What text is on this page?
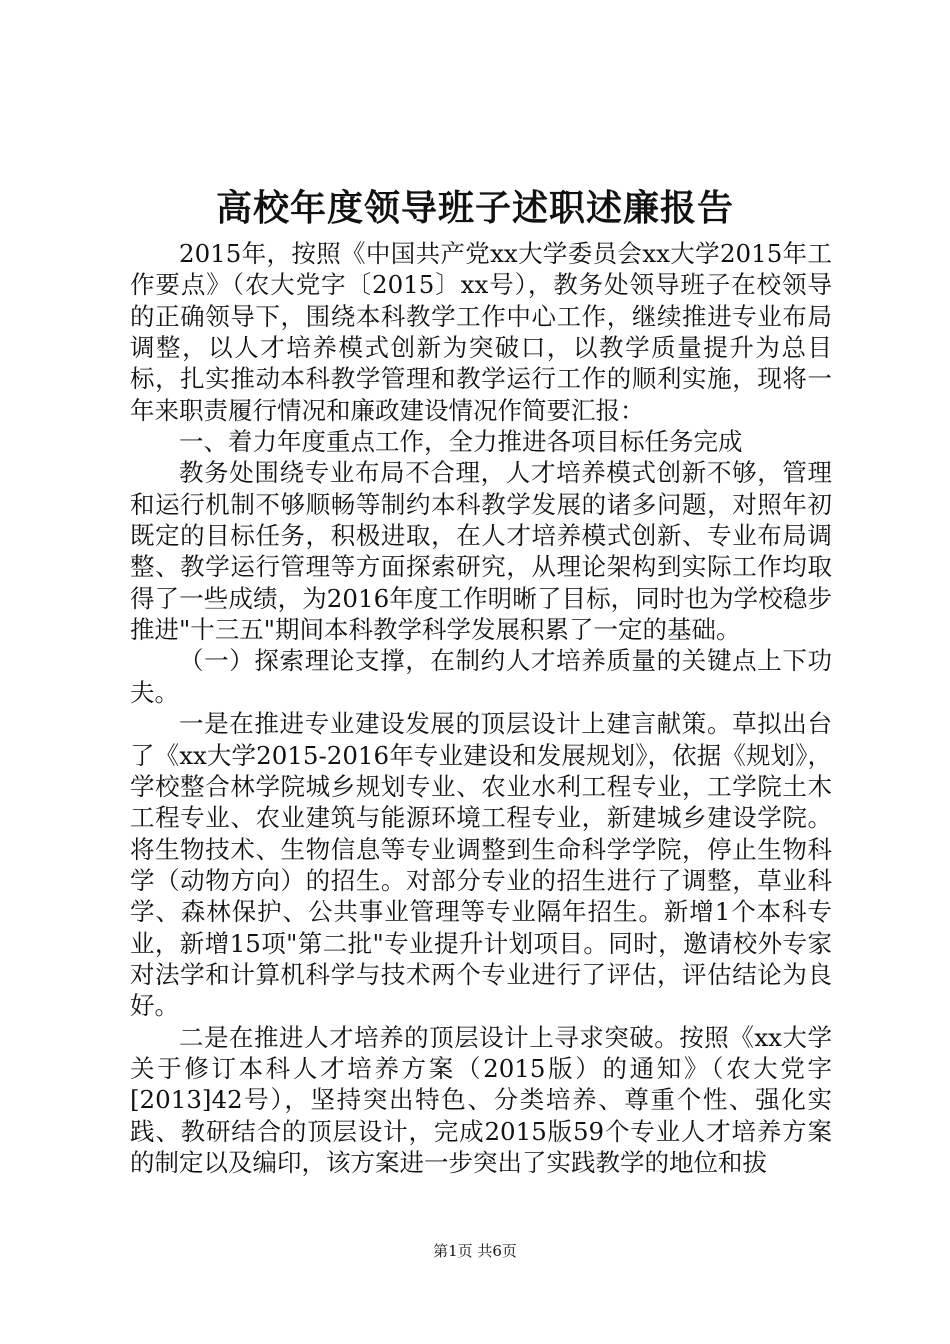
高校年度领导班子述职述廉报告

2015年，按照《中国共产党xx大学委员会xx大学2015年工作要点》（农大党字〔2015〕xx号），教务处领导班子在校领导的正确领导下，围绕本科教学工作中心工作，继续推进专业布局调整，以人才培养模式创新为突破口，以教学质量提升为总目标，扎实推动本科教学管理和教学运行工作的顺利实施，现将一年来职责履行情况和廉政建设情况作简要汇报：

一、着力年度重点工作，全力推进各项目标任务完成

教务处围绕专业布局不合理，人才培养模式创新不够，管理和运行机制不够顺畅等制约本科教学发展的诸多问题，对照年初既定的目标任务，积极进取，在人才培养模式创新、专业布局调整、教学运行管理等方面探索研究，从理论架构到实际工作均取得了一些成绩，为2016年度工作明晰了目标，同时也为学校稳步推进"十三五"期间本科教学科学发展积累了一定的基础。

（一）探索理论支撑，在制约人才培养质量的关键点上下功夫。

一是在推进专业建设发展的顶层设计上建言献策。草拟出台了《xx大学2015-2016年专业建设和发展规划》，依据《规划》，学校整合林学院城乡规划专业、农业水利工程专业，工学院土木工程专业、农业建筑与能源环境工程专业，新建城乡建设学院。将生物技术、生物信息等专业调整到生命科学学院，停止生物科学（动物方向）的招生。对部分专业的招生进行了调整，草业科学、森林保护、公共事业管理等专业隔年招生。新增1个本科专业，新增15项"第二批"专业提升计划项目。同时，邀请校外专家对法学和计算机科学与技术两个专业进行了评估，评估结论为良好。

二是在推进人才培养的顶层设计上寻求突破。按照《xx大学关于修订本科人才培养方案（2015版）的通知》（农大党字[2013]42号），坚持突出特色、分类培养、尊重个性、强化实践、教研结合的顶层设计，完成2015版59个专业人才培养方案的制定以及编印，该方案进一步突出了实践教学的地位和拔

第1页 共6页
